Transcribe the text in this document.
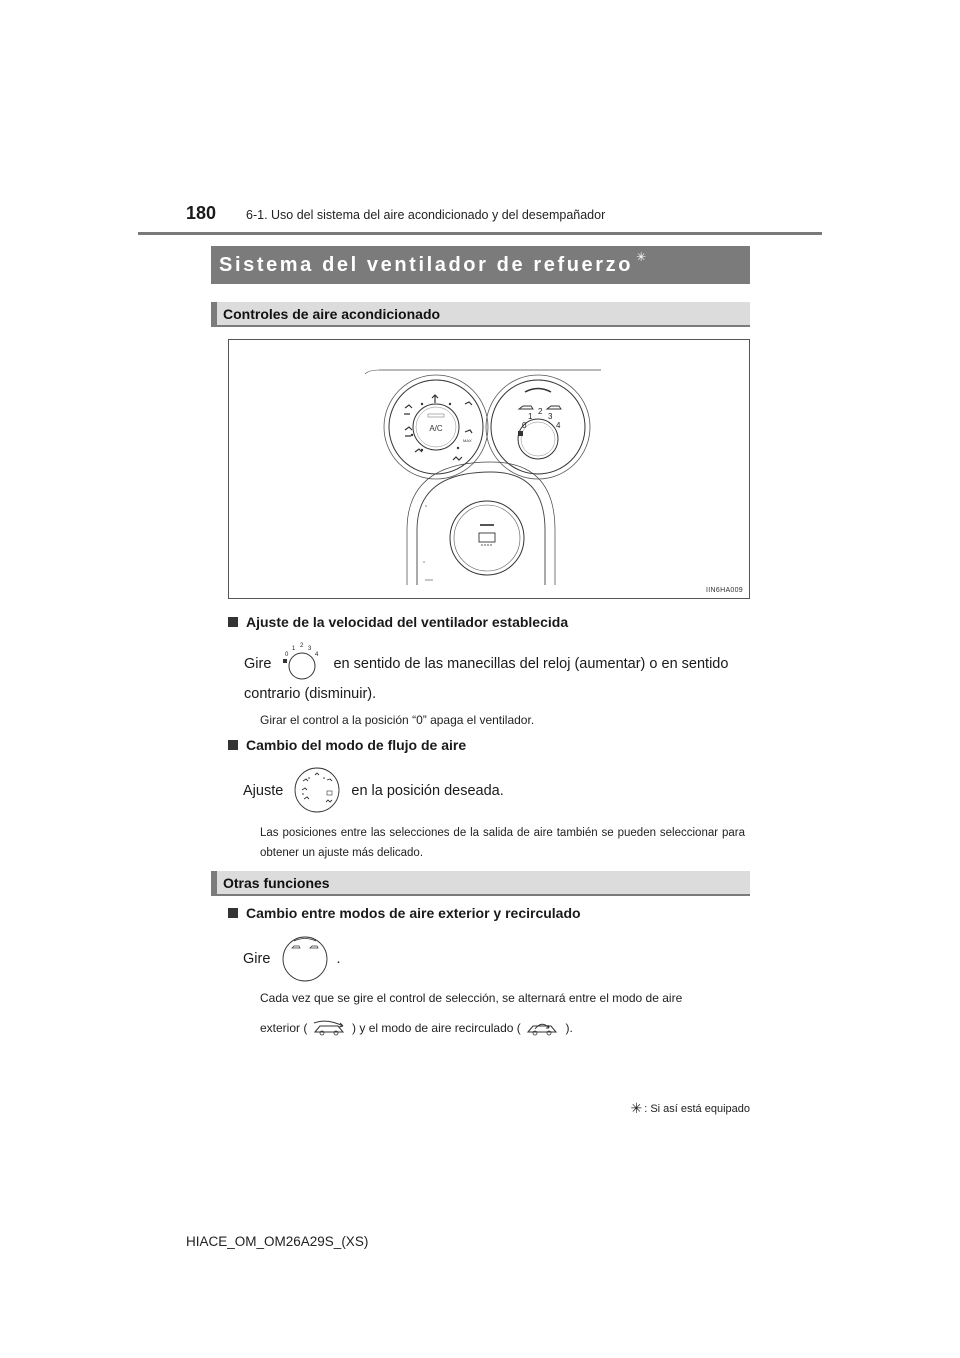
180 6-1. Uso del sistema del aire acondicionado y del desempañador
Sistema del ventilador de refuerzo ✳
Controles de aire acondicionado
A/C
MAX
0
1
2
3
4
IIN6HA009
Ajuste de la velocidad del ventilador establecida
Gire
0
1 2 3
4
en sentido de las manecillas del reloj (aumentar) o en sentido
contrario (disminuir).
Girar el control a la posición “0” apaga el ventilador.
Cambio del modo de flujo de aire
Ajuste	en la posición deseada.
Las posiciones entre las selecciones de la salida de aire también se pueden seleccionar para obtener un ajuste más delicado.
Otras funciones
Cambio entre modos de aire exterior y recirculado
Gire	.
Cada vez que se gire el control de selección, se alternará entre el modo de aire
exterior (	) y el modo de aire recirculado (	).
✳ : Si así está equipado
HIACE_OM_OM26A29S_(XS)
